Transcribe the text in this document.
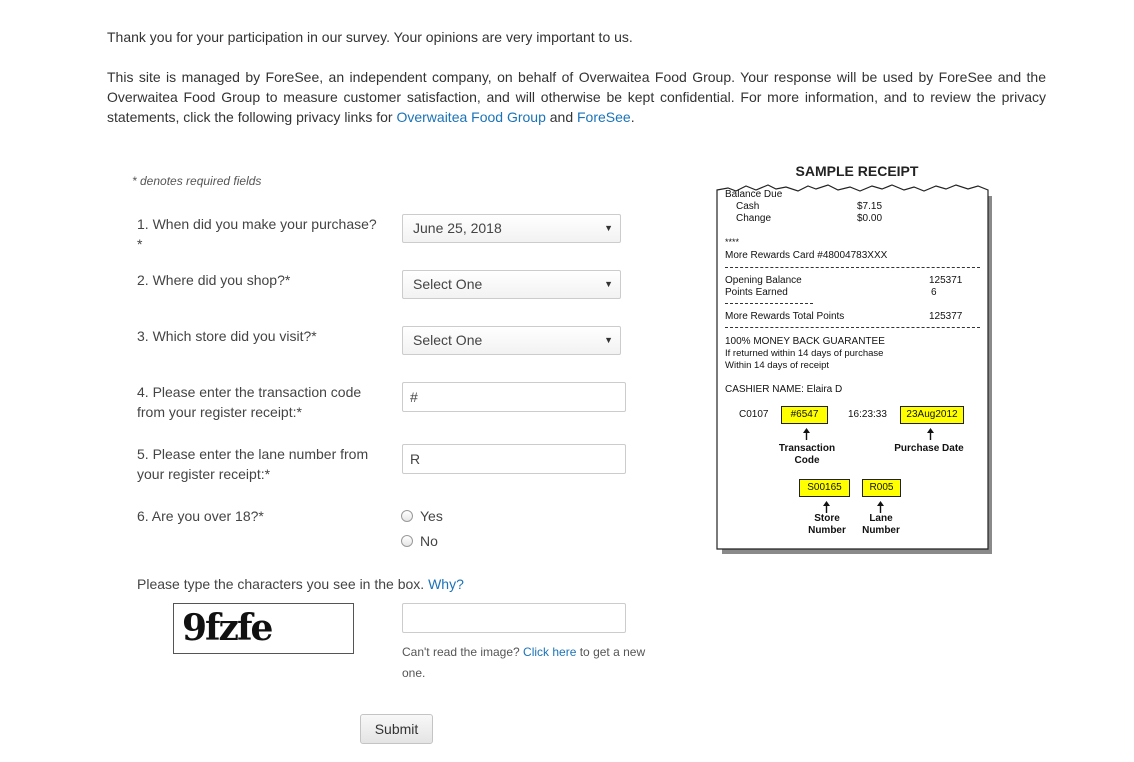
Thank you for your participation in our survey. Your opinions are very important to us.

This site is managed by ForeSee, an independent company, on behalf of Overwaitea Food Group. Your response will be used by ForeSee and the Overwaitea Food Group to measure customer satisfaction, and will otherwise be kept confidential. For more information, and to review the privacy statements, click the following privacy links for Overwaitea Food Group and ForeSee.

* denotes required fields
1. When did you make your purchase?*
June 25, 2018	▼
2. Where did you shop?*	Select One	▼
3. Which store did you visit?*	Select One	▼
4. Please enter the transaction code from your register receipt:*
#
5. Please enter the lane number from your register receipt:*
R
6. Are you over 18?*	Yes
No
Please type the characters you see in the box. Why?
9fzfe
Can't read the image? Click here to get a new one.
Submit
SAMPLE RECEIPT
Balance Due
Cash	$7.15
Change	$0.00
****
More Rewards Card #48004783XXX
Opening Balance	125371
Points Earned	6
More Rewards Total Points	125377
100% MONEY BACK GUARANTEE
If returned within 14 days of purchase
Within 14 days of receipt
CASHIER NAME: Elaira D
C0107	#6547	16:23:33	23Aug2012
Transaction
Code
Purchase Date
S00165	R005
Store
Number
Lane
Number
